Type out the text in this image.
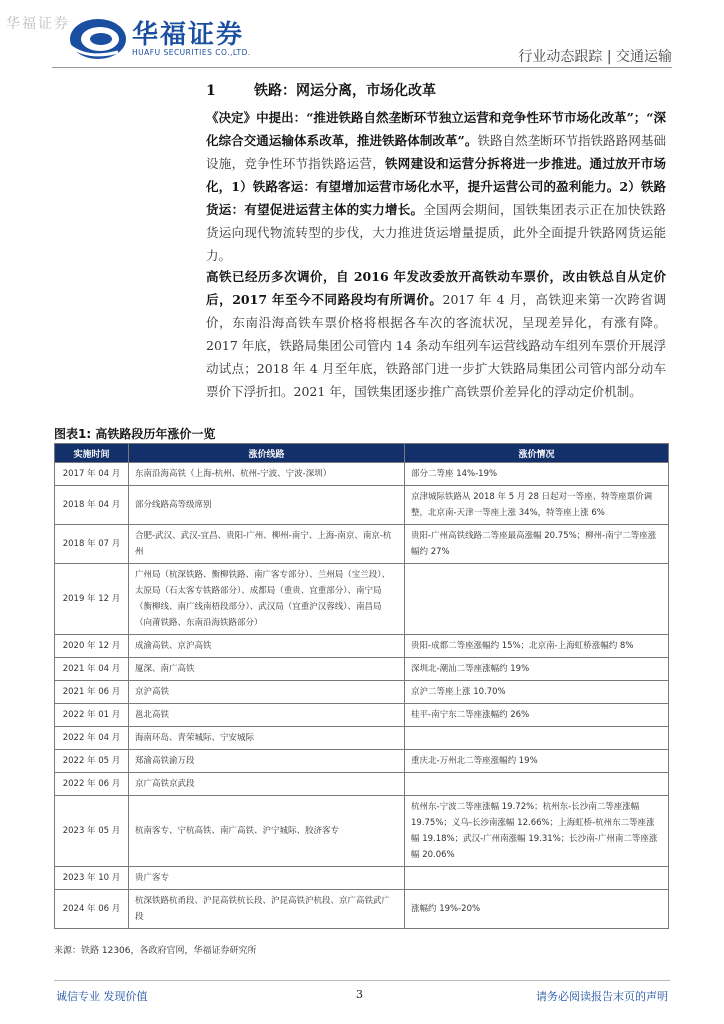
华福证券 华福证券
HUAFU SECURITIES CO.,LTD.	行业动态跟踪 | 交通运输
1	铁路：网运分离，市场化改革
《决定》中提出：“推进铁路自然垄断环节独立运营和竞争性环节市场化改革”；“深化综合交通运输体系改革，推进铁路体制改革”。铁路自然垄断环节指铁路路网基础设施，竞争性环节指铁路运营，铁网建设和运营分拆将进一步推进。通过放开市场化，1）铁路客运：有望增加运营市场化水平，提升运营公司的盈利能力。2）铁路货运：有望促进运营主体的实力增长。全国两会期间，国铁集团表示正在加快铁路货运向现代物流转型的步伐，大力推进货运增量提质，此外全面提升铁路网货运能力。
高铁已经历多次调价，自 2016 年发改委放开高铁动车票价，改由铁总自从定价后，2017 年至今不同路段均有所调价。2017 年 4 月，高铁迎来第一次跨省调价，东南沿海高铁车票价格将根据各车次的客流状况，呈现差异化，有涨有降。2017 年底，铁路局集团公司管内 14 条动车组列车运营线路动车组列车票价开展浮动试点；2018 年 4 月至年底，铁路部门进一步扩大铁路局集团公司管内部分动车票价下浮折扣。2021 年，国铁集团逐步推广高铁票价差异化的浮动定价机制。
图表1: 高铁路段历年涨价一览
实施时间	涨价线路	涨价情况
2017 年 04 月	东南沿海高铁（上海-杭州、杭州-宁波、宁波-深圳）	部分二等座 14%-19%
2018 年 04 月	部分线路高等级席别	京津城际铁路从 2018 年 5 月 28 日起对一等座、特等座票价调整，北京南-天津一等座上涨 34%，特等座上涨 6%
2018 年 07 月	合肥-武汉、武汉-宜昌、贵阳-广州、柳州-南宁、上海-南京、南京-杭州	贵阳-广州高铁线路二等座最高涨幅 20.75%；柳州-南宁二等座涨幅约 27%
2019 年 12 月	广州局（杭深铁路、衡柳铁路、南广客专部分）、兰州局（宝兰段）、太原局（石太客专铁路部分）、成都局（重贵、宜重部分）、南宁局（衡柳线、南广线南梧段部分）、武汉局（宜重沪汉蓉线）、南昌局（向莆铁路、东南沿海铁路部分）	
2020 年 12 月	成渝高铁、京沪高铁	贵阳-成都二等座涨幅约 15%；北京南-上海虹桥涨幅约 8%
2021 年 04 月	厦深、南广高铁	深圳北-潮汕二等座涨幅约 19%
2021 年 06 月	京沪高铁	京沪二等座上涨 10.70%
2022 年 01 月	邕北高铁	桂平-南宁东二等座涨幅约 26%
2022 年 04 月	海南环岛、青荣城际、宁安城际	
2022 年 05 月	郑渝高铁渝万段	重庆北-万州北二等座涨幅约 19%
2022 年 06 月	京广高铁京武段	
2023 年 05 月	杭南客专、宁杭高铁、南广高铁、沪宁城际、胶济客专	杭州东-宁波二等座涨幅 19.72%；杭州东-长沙南二等座涨幅 19.75%；义乌-长沙南涨幅 12.66%；上海虹桥-杭州东二等座涨幅 19.18%；武汉-广州南涨幅 19.31%；长沙南-广州南二等座涨幅 20.06%
2023 年 10 月	贵广客专	
2024 年 06 月	杭深铁路杭甬段、沪昆高铁杭长段、沪昆高铁沪杭段、京广高铁武广段	涨幅约 19%-20%
来源：铁路 12306，各政府官网，华福证券研究所
诚信专业 发现价值	3	请务必阅读报告末页的声明
